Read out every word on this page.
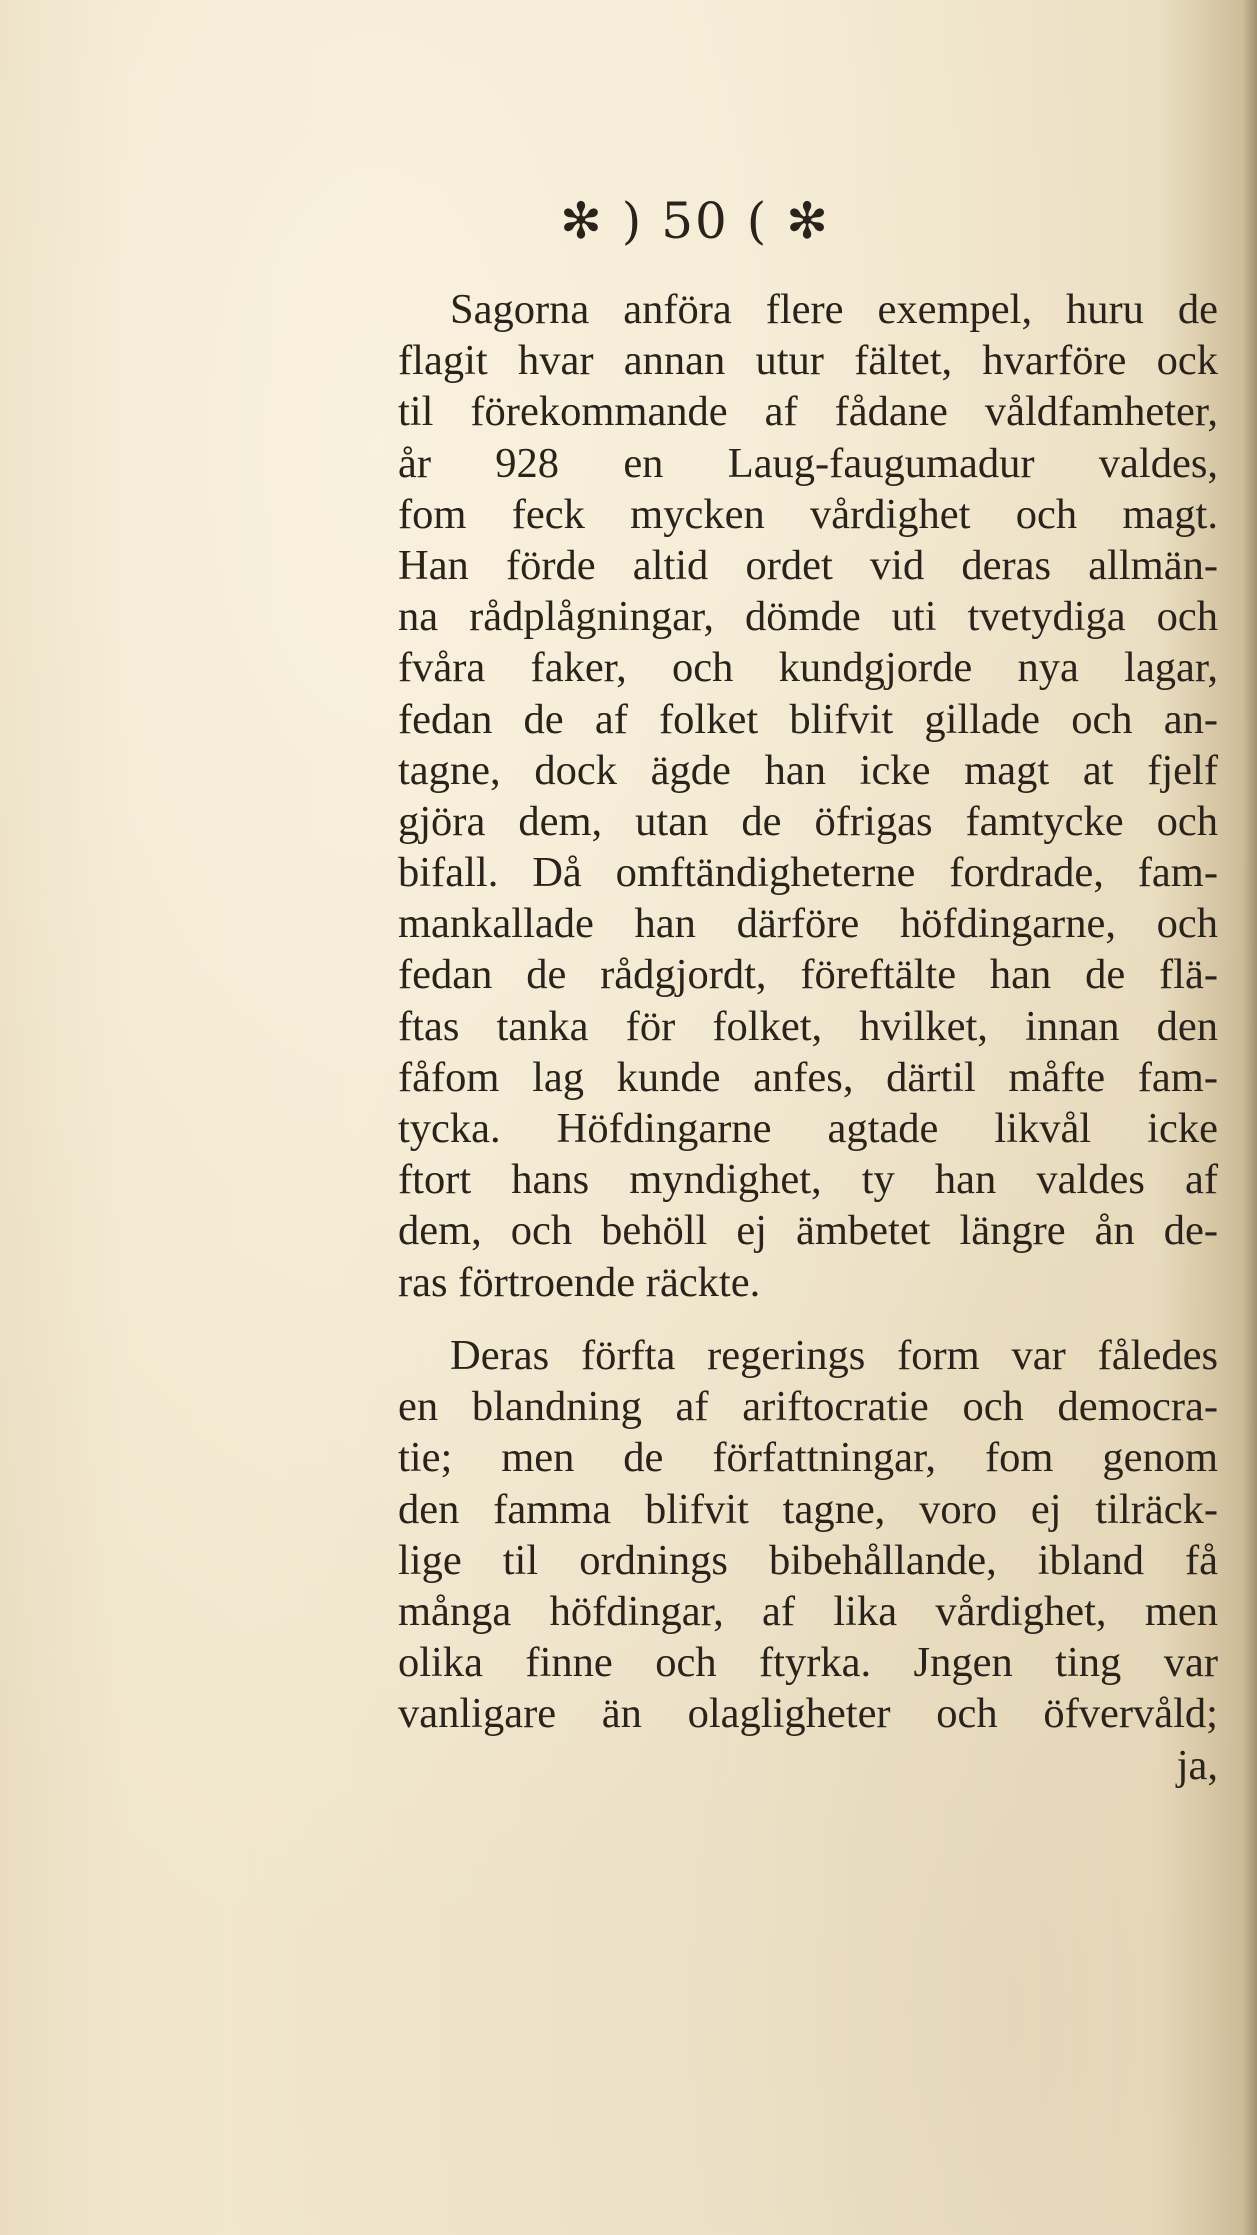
✻ ) 50 ( ✻
Sagorna anföra flere exempel, huru de
flagit hvar annan utur fältet, hvarföre ock
til förekommande af fådane våldfamheter,
år 928 en Laug-faugumadur valdes,
fom feck mycken vårdighet och magt.
Han förde altid ordet vid deras allmän-
na rådplågningar, dömde uti tvetydiga och
fvåra faker, och kundgjorde nya lagar,
fedan de af folket blifvit gillade och an-
tagne, dock ägde han icke magt at fjelf
gjöra dem, utan de öfrigas famtycke och
bifall. Då omftändigheterne fordrade, fam-
mankallade han därföre höfdingarne, och
fedan de rådgjordt, föreftälte han de flä-
ftas tanka för folket, hvilket, innan den
fåfom lag kunde anfes, därtil måfte fam-
tycka. Höfdingarne agtade likvål icke
ftort hans myndighet, ty han valdes af
dem, och behöll ej ämbetet längre ån de-
ras förtroende räckte.
Deras förfta regerings form var fåledes
en blandning af ariftocratie och democra-
tie; men de författningar, fom genom
den famma blifvit tagne, voro ej tilräck-
lige til ordnings bibehållande, ibland få
många höfdingar, af lika vårdighet, men
olika finne och ftyrka. Jngen ting var
vanligare än olagligheter och öfvervåld;
ja,
